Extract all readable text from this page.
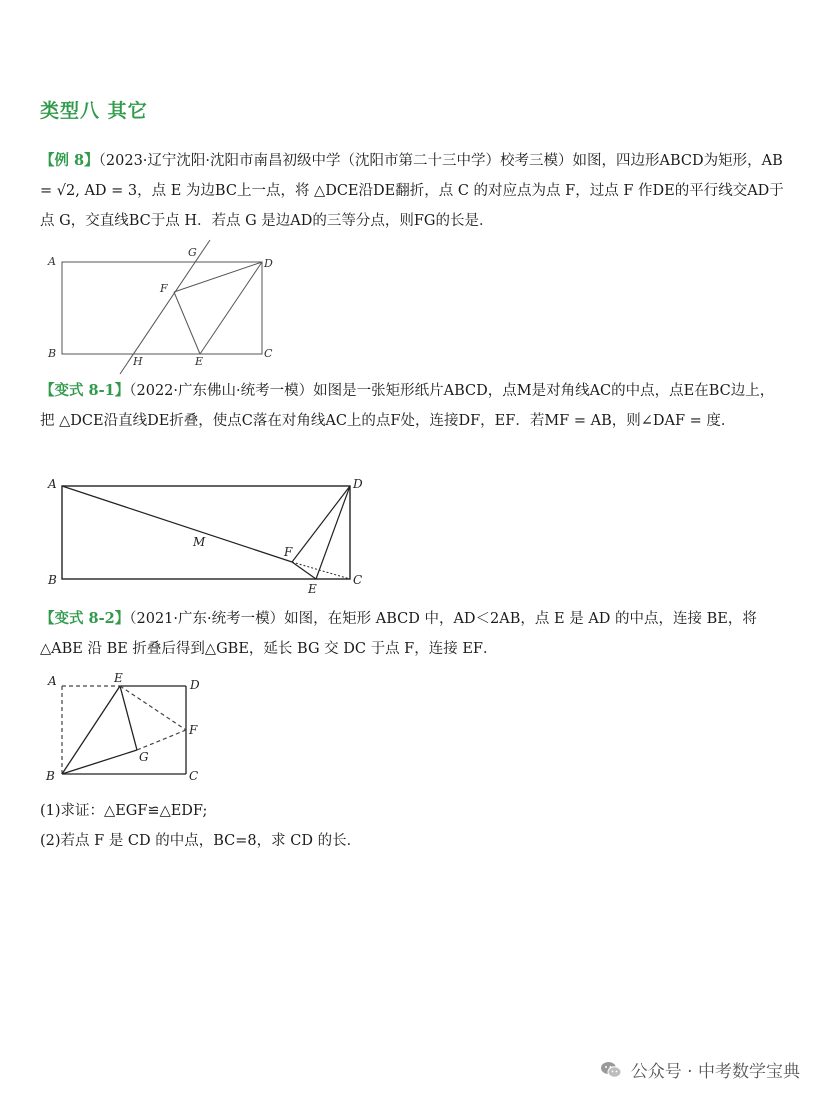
类型八 其它
【例 8】（2023·辽宁沈阳·沈阳市南昌初级中学（沈阳市第二十三中学）校考三模）如图，四边形ABCD为矩形，AB = √2, AD = 3，点 E 为边BC上一点，将 △DCE沿DE翻折，点 C 的对应点为点 F，过点 F 作DE的平行线交AD于点 G，交直线BC于点 H．若点 G 是边AD的三等分点，则FG的长是．
A
G
D
F
B
H	E
C
【变式 8-1】（2022·广东佛山·统考一模）如图是一张矩形纸片ABCD，点M是对角线AC的中点，点E在BC边上，把 △DCE沿直线DE折叠，使点C落在对角线AC上的点F处，连接DF，EF．若MF = AB，则∠DAF = 度．
A	D
M
F
B
E
C
【变式 8-2】（2021·广东·统考一模）如图，在矩形 ABCD 中，AD＜2AB，点 E 是 AD 的中点，连接 BE，将 △ABE 沿 BE 折叠后得到△GBE，延长 BG 交 DC 于点 F，连接 EF．
A	E	D
F
G
B	C
(1)求证：△EGF≌△EDF;
(2)若点 F 是 CD 的中点，BC=8，求 CD 的长．
公众号 · 中考数学宝典
